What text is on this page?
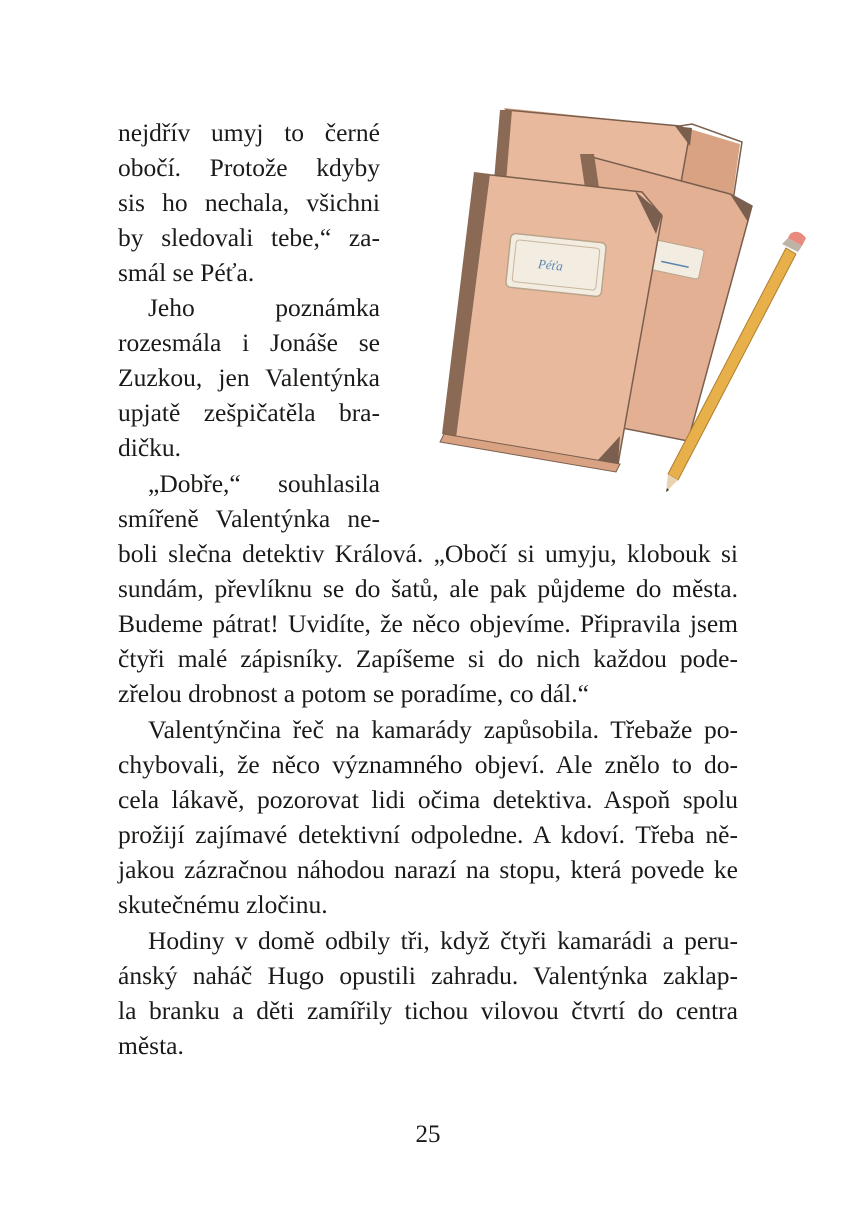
Péťa

nejdřív umyj to černé

obočí. Protože kdyby

sis ho nechala, všichni

by sledovali tebe,“ za-

smál se Péťa.

Jeho poznámka

rozesmála i Jonáše se

Zuzkou, jen Valentýnka

upjatě zešpičatěla bra-

dičku.

„Dobře,“ souhlasila

smířeně Valentýnka ne-

boli slečna detektiv Králová. „Obočí si umyju, klobouk si

sundám, převlíknu se do šatů, ale pak půjdeme do města.

Budeme pátrat! Uvidíte, že něco objevíme. Připravila jsem

čtyři malé zápisníky. Zapíšeme si do nich každou pode-

zřelou drobnost a potom se poradíme, co dál.“

Valentýnčina řeč na kamarády zapůsobila. Třebaže po-

chybovali, že něco významného objeví. Ale znělo to do-

cela lákavě, pozorovat lidi očima detektiva. Aspoň spolu

prožijí zajímavé detektivní odpoledne. A kdoví. Třeba ně-

jakou zázračnou náhodou narazí na stopu, která povede ke

skutečnému zločinu.

Hodiny v domě odbily tři, když čtyři kamarádi a peru-

ánský naháč Hugo opustili zahradu. Valentýnka zaklap-

la branku a děti zamířily tichou vilovou čtvrtí do centra

města.

25
